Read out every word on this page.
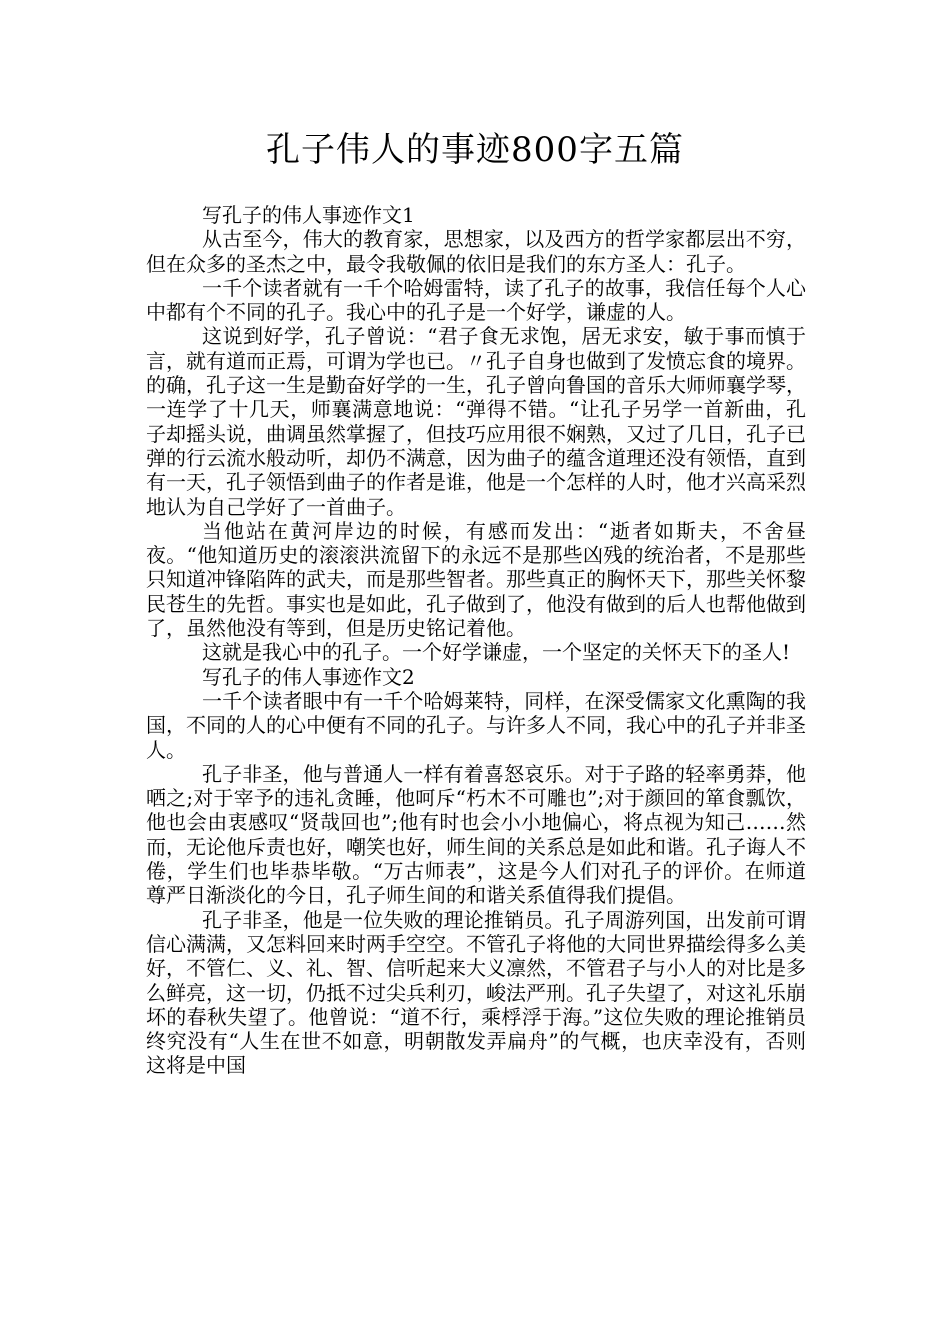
孔子伟人的事迹800字五篇

写孔子的伟人事迹作文1

从古至今，伟大的教育家，思想家，以及西方的哲学家都层出不穷，但在众多的圣杰之中，最令我敬佩的依旧是我们的东方圣人：孔子。

一千个读者就有一千个哈姆雷特，读了孔子的故事，我信任每个人心中都有个不同的孔子。我心中的孔子是一个好学，谦虚的人。

这说到好学，孔子曾说：“君子食无求饱，居无求安，敏于事而慎于言，就有道而正焉，可谓为学也已。〃孔子自身也做到了发愤忘食的境界。的确，孔子这一生是勤奋好学的一生，孔子曾向鲁国的音乐大师师襄学琴，一连学了十几天，师襄满意地说：“弹得不错。“让孔子另学一首新曲，孔子却摇头说，曲调虽然掌握了，但技巧应用很不娴熟，又过了几日，孔子已弹的行云流水般动听，却仍不满意，因为曲子的蕴含道理还没有领悟，直到有一天，孔子领悟到曲子的作者是谁，他是一个怎样的人时，他才兴高采烈地认为自己学好了一首曲子。

当他站在黄河岸边的时候，有感而发出：“逝者如斯夫，不舍昼夜。“他知道历史的滚滚洪流留下的永远不是那些凶残的统治者，不是那些只知道冲锋陷阵的武夫，而是那些智者。那些真正的胸怀天下，那些关怀黎民苍生的先哲。事实也是如此，孔子做到了，他没有做到的后人也帮他做到了，虽然他没有等到，但是历史铭记着他。

这就是我心中的孔子。一个好学谦虚，一个坚定的关怀天下的圣人!

写孔子的伟人事迹作文2

一千个读者眼中有一千个哈姆莱特，同样，在深受儒家文化熏陶的我国，不同的人的心中便有不同的孔子。与许多人不同，我心中的孔子并非圣人。

孔子非圣，他与普通人一样有着喜怒哀乐。对于子路的轻率勇莽，他哂之;对于宰予的违礼贪睡，他呵斥“朽木不可雕也”;对于颜回的箪食瓢饮，他也会由衷感叹“贤哉回也”;他有时也会小小地偏心，将点视为知己……然而，无论他斥责也好，嘲笑也好，师生间的关系总是如此和谐。孔子诲人不倦，学生们也毕恭毕敬。“万古师表”，这是今人们对孔子的评价。在师道尊严日渐淡化的今日，孔子师生间的和谐关系值得我们提倡。

孔子非圣，他是一位失败的理论推销员。孔子周游列国，出发前可谓信心满满，又怎料回来时两手空空。不管孔子将他的大同世界描绘得多么美好，不管仁、义、礼、智、信听起来大义凛然，不管君子与小人的对比是多么鲜亮，这一切，仍抵不过尖兵利刃，峻法严刑。孔子失望了，对这礼乐崩坏的春秋失望了。他曾说：“道不行，乘桴浮于海。”这位失败的理论推销员终究没有“人生在世不如意，明朝散发弄扁舟”的气概，也庆幸没有，否则这将是中国
